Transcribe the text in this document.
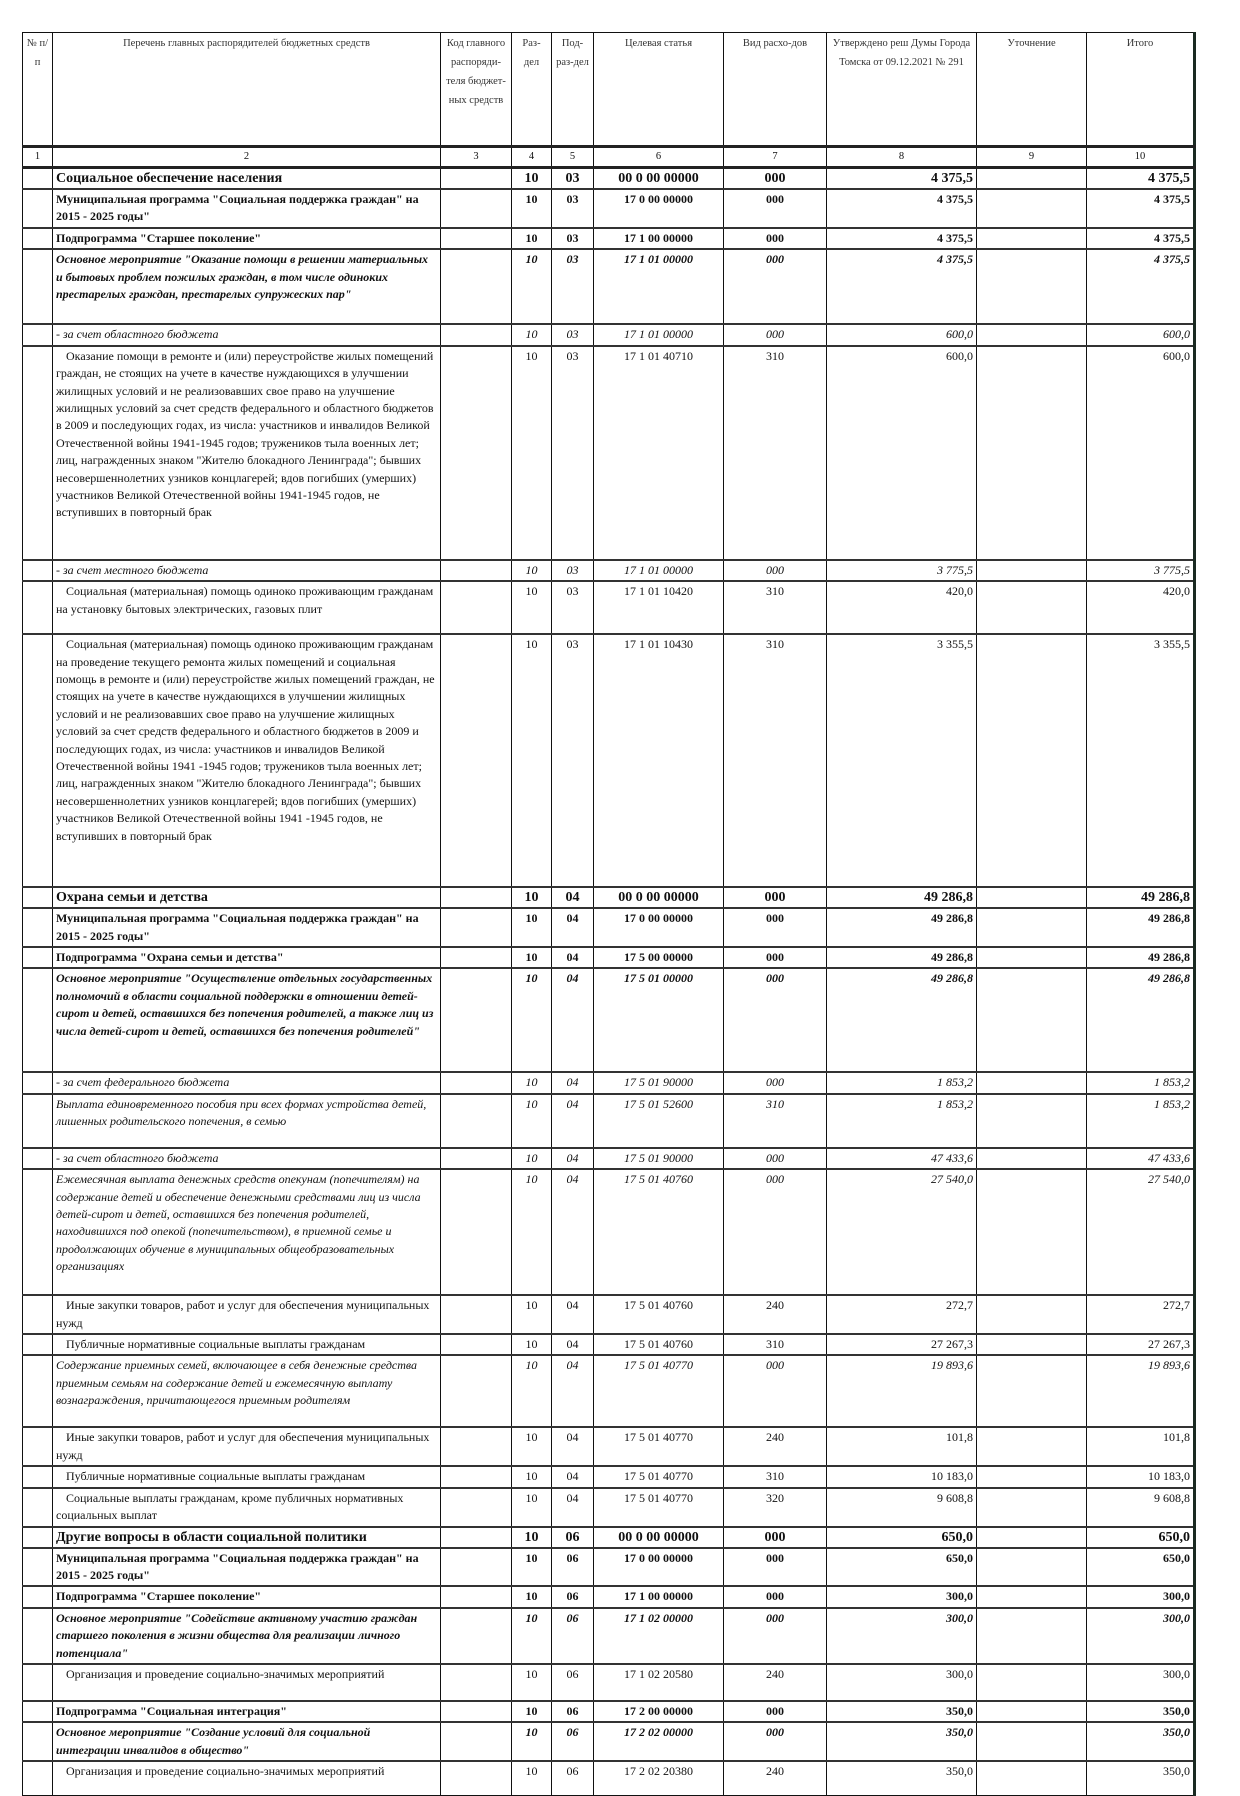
№ п/п	Перечень главных распорядителей бюджетных средств	Код главного распоряди-теля бюджет-ных средств	Раз-дел	Под-раз-дел	Целевая статья	Вид расхо-дов	Утверждено реш Думы Города Томска от 09.12.2021 № 291	Уточнение	Итого
1	2	3	4	5	6	7	8	9	10
	Социальное обеспечение населения		10	03	00 0 00 00000	000	4 375,5		4 375,5
	Муниципальная программа "Социальная поддержка граждан" на 2015 - 2025 годы"		10	03	17 0 00 00000	000	4 375,5		4 375,5
	Подпрограмма "Старшее поколение"		10	03	17 1 00 00000	000	4 375,5		4 375,5
	Основное мероприятие "Оказание помощи в решении материальных и бытовых проблем пожилых граждан, в том числе одиноких престарелых граждан, престарелых супружеских пар"		10	03	17 1 01 00000	000	4 375,5		4 375,5
	- за счет областного бюджета		10	03	17 1 01 00000	000	600,0		600,0
	Оказание помощи в ремонте и (или) переустройстве жилых помещений граждан, не стоящих на учете в качестве нуждающихся в улучшении жилищных условий и не реализовавших свое право на улучшение жилищных условий за счет средств федерального и областного бюджетов в 2009 и последующих годах, из числа: участников и инвалидов Великой Отечественной войны 1941-1945 годов; тружеников тыла военных лет; лиц, награжденных знаком "Жителю блокадного Ленинграда"; бывших несовершеннолетних узников концлагерей; вдов погибших (умерших) участников Великой Отечественной войны 1941-1945 годов, не вступивших в повторный брак		10	03	17 1 01 40710	310	600,0		600,0
	- за счет местного бюджета		10	03	17 1 01 00000	000	3 775,5		3 775,5
	Социальная (материальная) помощь одиноко проживающим гражданам на установку бытовых электрических, газовых плит		10	03	17 1 01 10420	310	420,0		420,0
	Социальная (материальная) помощь одиноко проживающим гражданам на проведение текущего ремонта жилых помещений и социальная помощь в ремонте и (или) переустройстве жилых помещений граждан, не стоящих на учете в качестве нуждающихся в улучшении жилищных условий и не реализовавших свое право на улучшение жилищных условий за счет средств федерального и областного бюджетов в 2009 и последующих годах, из числа: участников и инвалидов Великой Отечественной войны 1941 -1945 годов; тружеников тыла военных лет; лиц, награжденных знаком "Жителю блокадного Ленинграда"; бывших несовершеннолетних узников концлагерей; вдов погибших (умерших) участников Великой Отечественной войны 1941 -1945 годов, не вступивших в повторный брак		10	03	17 1 01 10430	310	3 355,5		3 355,5
	Охрана семьи и детства		10	04	00 0 00 00000	000	49 286,8		49 286,8
	Муниципальная программа "Социальная поддержка граждан" на 2015 - 2025 годы"		10	04	17 0 00 00000	000	49 286,8		49 286,8
	Подпрограмма "Охрана семьи и детства"		10	04	17 5 00 00000	000	49 286,8		49 286,8
	Основное мероприятие "Осуществление отдельных государственных полномочий в области социальной поддержки в отношении детей-сирот и детей, оставшихся без попечения родителей, а также лиц из числа детей-сирот и детей, оставшихся без попечения родителей"		10	04	17 5 01 00000	000	49 286,8		49 286,8
	- за счет федерального бюджета		10	04	17 5 01 90000	000	1 853,2		1 853,2
	Выплата единовременного пособия при всех формах устройства детей, лишенных родительского попечения, в семью		10	04	17 5 01 52600	310	1 853,2		1 853,2
	- за счет областного бюджета		10	04	17 5 01 90000	000	47 433,6		47 433,6
	Ежемесячная выплата денежных средств опекунам (попечителям) на содержание детей и обеспечение денежными средствами лиц из числа детей-сирот и детей, оставшихся без попечения родителей, находившихся под опекой (попечительством), в приемной семье и продолжающих обучение в муниципальных общеобразовательных организациях		10	04	17 5 01 40760	000	27 540,0		27 540,0
	Иные закупки товаров, работ и услуг для обеспечения муниципальных нужд		10	04	17 5 01 40760	240	272,7		272,7
	Публичные нормативные социальные выплаты гражданам		10	04	17 5 01 40760	310	27 267,3		27 267,3
	Содержание приемных семей, включающее в себя денежные средства приемным семьям на содержание детей и ежемесячную выплату вознаграждения, причитающегося приемным родителям		10	04	17 5 01 40770	000	19 893,6		19 893,6
	Иные закупки товаров, работ и услуг для обеспечения муниципальных нужд		10	04	17 5 01 40770	240	101,8		101,8
	Публичные нормативные социальные выплаты гражданам		10	04	17 5 01 40770	310	10 183,0		10 183,0
	Социальные выплаты гражданам, кроме публичных нормативных социальных выплат		10	04	17 5 01 40770	320	9 608,8		9 608,8
	Другие вопросы в области социальной политики		10	06	00 0 00 00000	000	650,0		650,0
	Муниципальная программа "Социальная поддержка граждан" на 2015 - 2025 годы"		10	06	17 0 00 00000	000	650,0		650,0
	Подпрограмма "Старшее поколение"		10	06	17 1 00 00000	000	300,0		300,0
	Основное мероприятие "Содействие активному участию граждан старшего поколения в жизни общества для реализации личного потенциала"		10	06	17 1 02 00000	000	300,0		300,0
	Организация и проведение социально-значимых мероприятий		10	06	17 1 02 20580	240	300,0		300,0
	Подпрограмма "Социальная интеграция"		10	06	17 2 00 00000	000	350,0		350,0
	Основное мероприятие "Создание условий для социальной интеграции инвалидов в общество"		10	06	17 2 02 00000	000	350,0		350,0
	Организация и проведение социально-значимых мероприятий		10	06	17 2 02 20380	240	350,0		350,0
